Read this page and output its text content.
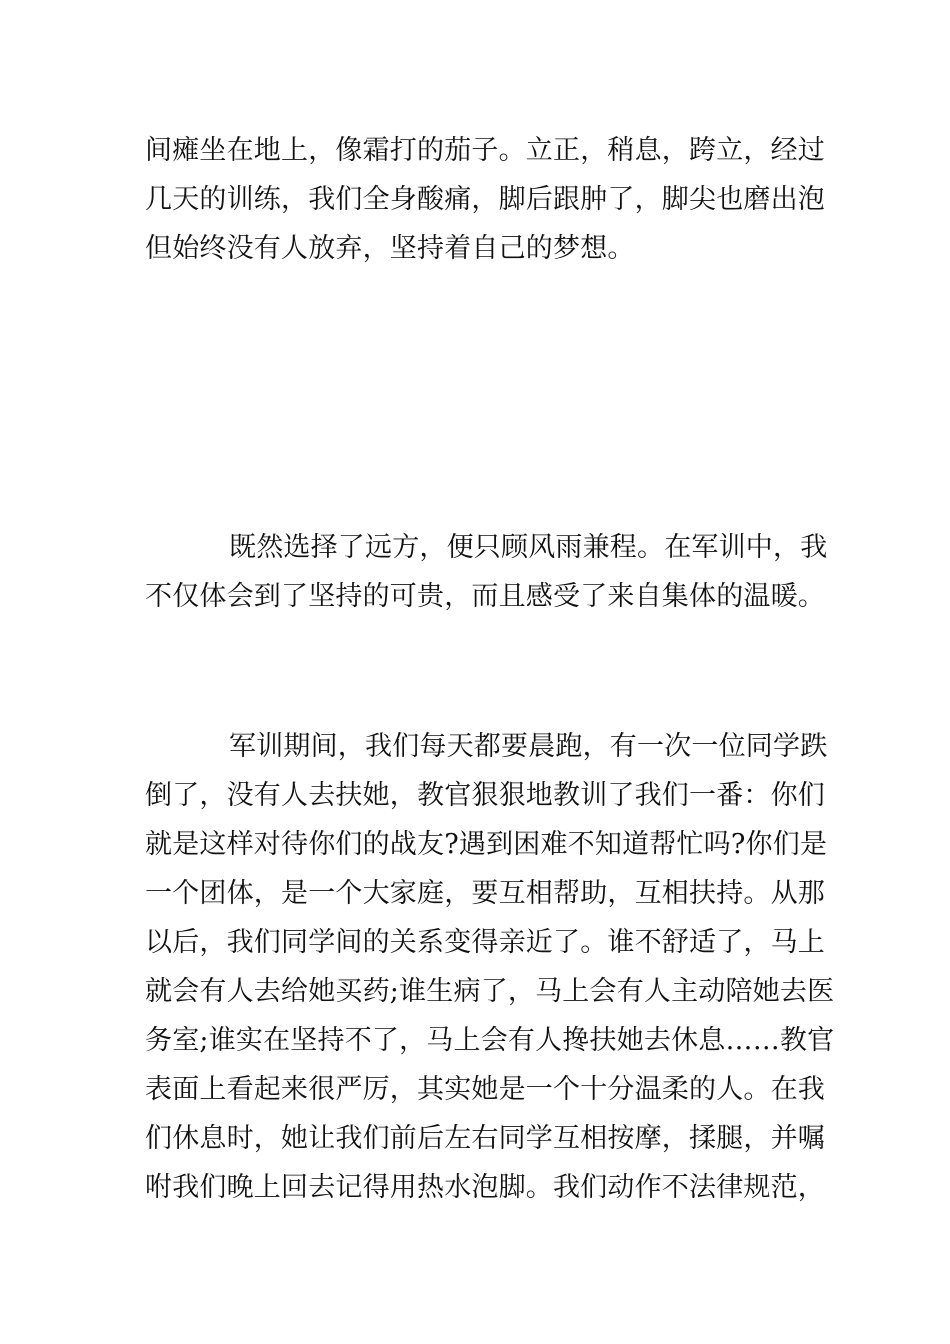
间瘫坐在地上，像霜打的茄子。立正，稍息，跨立，经过
几天的训练，我们全身酸痛，脚后跟肿了，脚尖也磨出泡
但始终没有人放弃，坚持着自己的梦想。
既然选择了远方，便只顾风雨兼程。在军训中，我
不仅体会到了坚持的可贵，而且感受了来自集体的温暖。
军训期间，我们每天都要晨跑，有一次一位同学跌
倒了，没有人去扶她，教官狠狠地教训了我们一番：你们
就是这样对待你们的战友?遇到困难不知道帮忙吗?你们是
一个团体，是一个大家庭，要互相帮助，互相扶持。从那
以后，我们同学间的关系变得亲近了。谁不舒适了，马上
就会有人去给她买药;谁生病了，马上会有人主动陪她去医
务室;谁实在坚持不了，马上会有人搀扶她去休息……教官
表面上看起来很严厉，其实她是一个十分温柔的人。在我
们休息时，她让我们前后左右同学互相按摩，揉腿，并嘱
咐我们晚上回去记得用热水泡脚。我们动作不法律规范，
